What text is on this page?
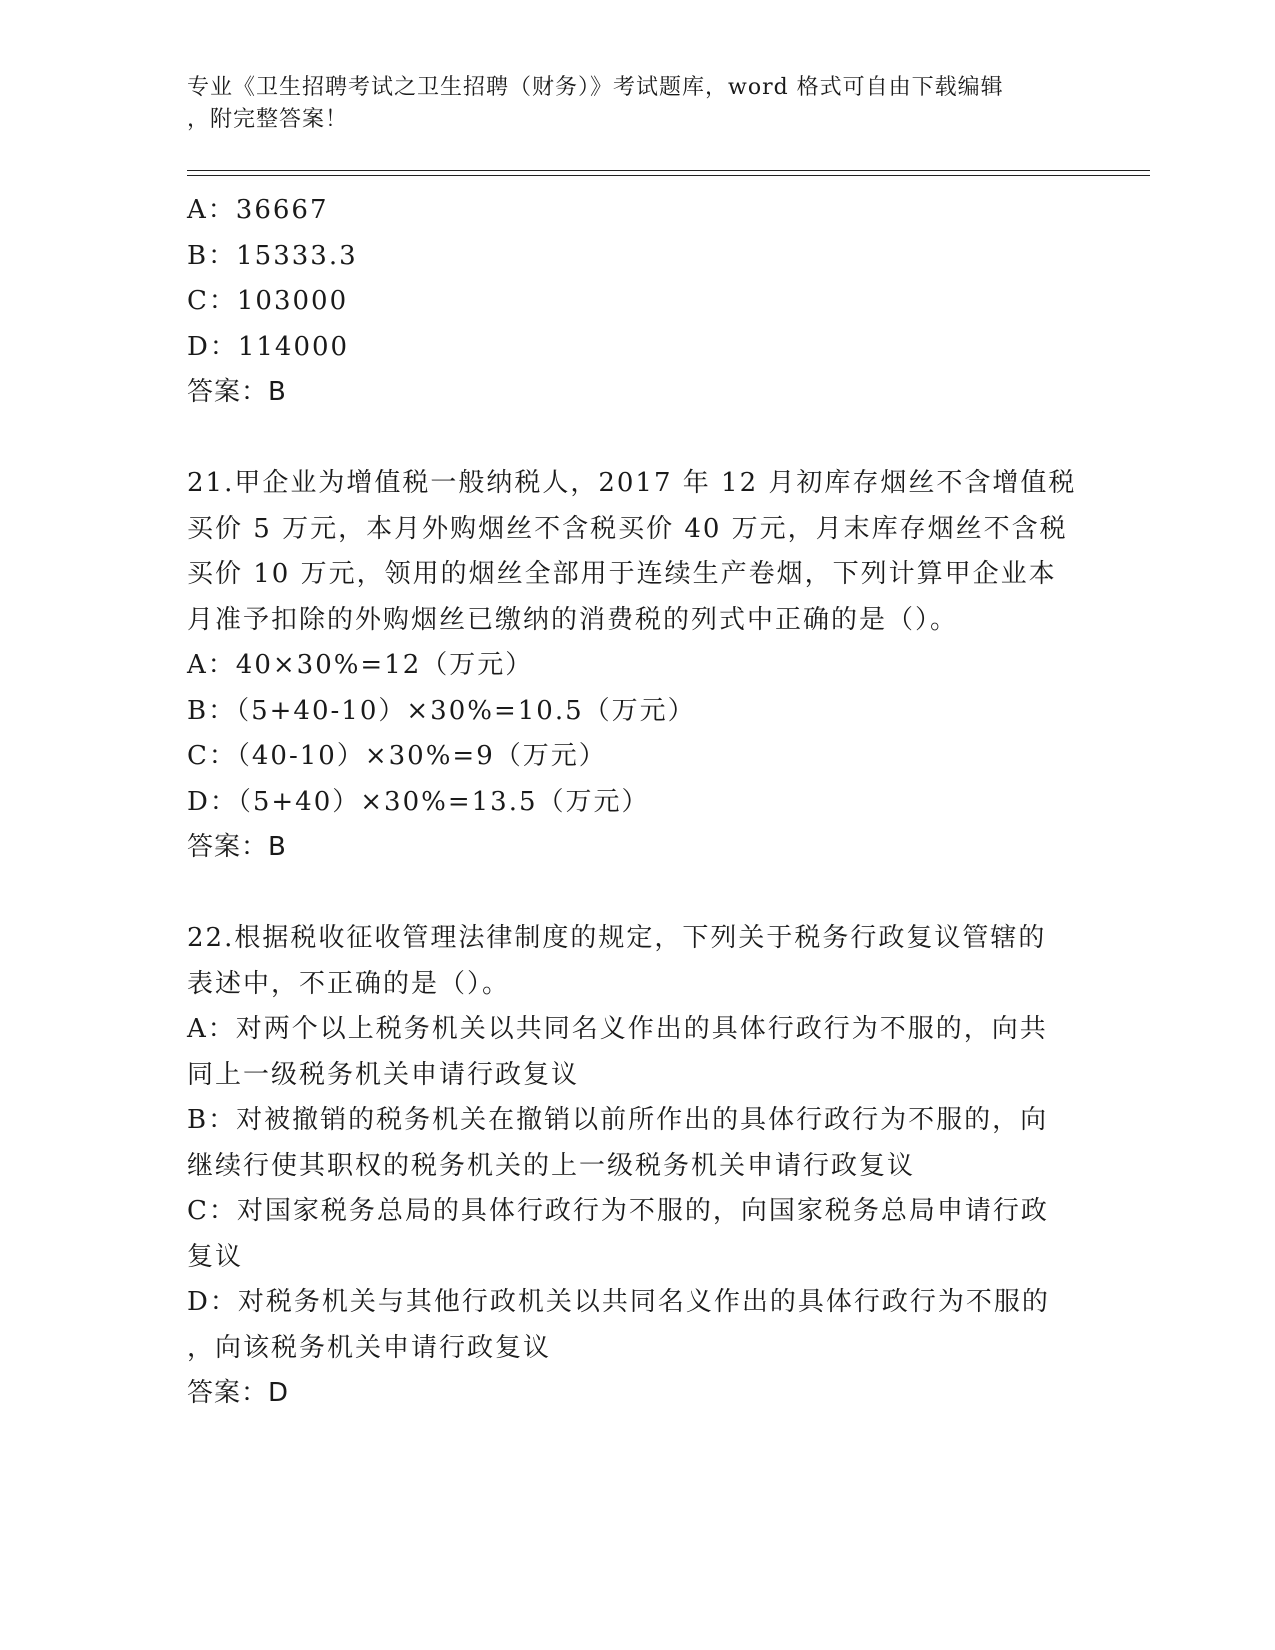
专业《卫生招聘考试之卫生招聘（财务）》考试题库，word 格式可自由下载编辑
，附完整答案！
A：36667
B：15333.3
C：103000
D：114000
答案：B
21.甲企业为增值税一般纳税人，2017 年 12 月初库存烟丝不含增值税
买价 5 万元，本月外购烟丝不含税买价 40 万元，月末库存烟丝不含税
买价 10 万元，领用的烟丝全部用于连续生产卷烟，下列计算甲企业本
月准予扣除的外购烟丝已缴纳的消费税的列式中正确的是（）。
A：40×30%=12（万元）
B：（5+40-10）×30%=10.5（万元）
C：（40-10）×30%=9（万元）
D：（5+40）×30%=13.5（万元）
答案：B
22.根据税收征收管理法律制度的规定，下列关于税务行政复议管辖的
表述中，不正确的是（）。
A：对两个以上税务机关以共同名义作出的具体行政行为不服的，向共
同上一级税务机关申请行政复议
B：对被撤销的税务机关在撤销以前所作出的具体行政行为不服的，向
继续行使其职权的税务机关的上一级税务机关申请行政复议
C：对国家税务总局的具体行政行为不服的，向国家税务总局申请行政
复议
D：对税务机关与其他行政机关以共同名义作出的具体行政行为不服的
，向该税务机关申请行政复议
答案：D
